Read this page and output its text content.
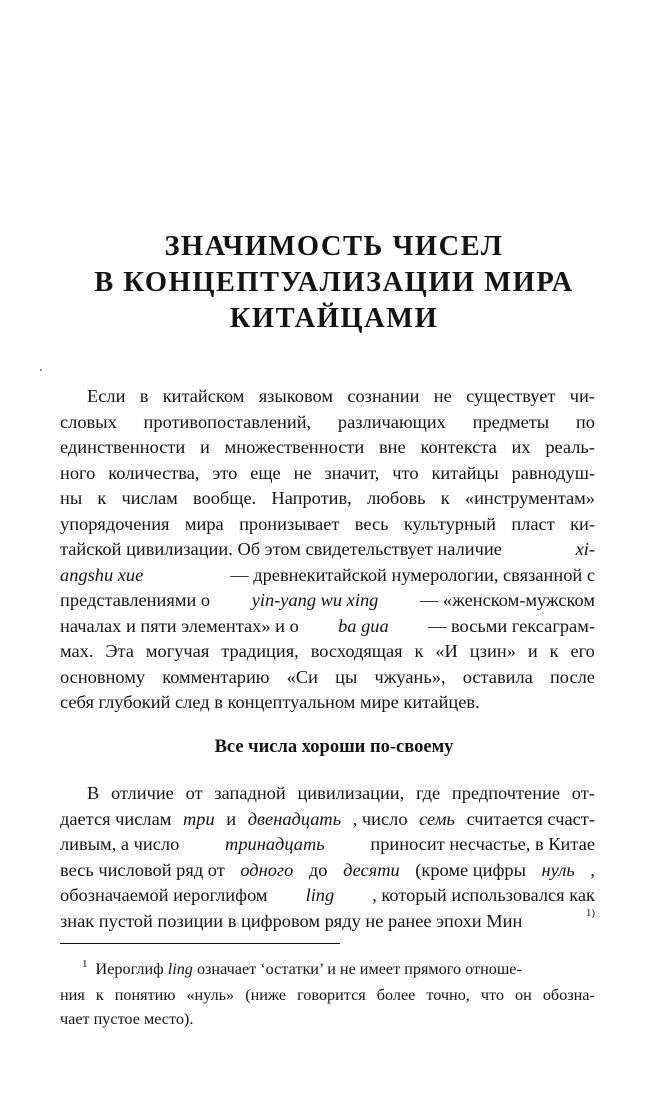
ЗНАЧИМОСТЬ ЧИСЕЛ
В КОНЦЕПТУАЛИЗАЦИИ МИРА
КИТАЙЦАМИ
Если в китайском языковом сознании не существует чи-
словых противопоставлений, различающих предметы по
единственности и множественности вне контекста их реаль-
ного количества, это еще не значит, что китайцы равнодуш-
ны к числам вообще. Напротив, любовь к «инструментам»
упорядочения мира пронизывает весь культурный пласт ки-
тайской цивилизации. Об этом свидетельствует наличие	xi-
angshu xue	— древнекитайской нумерологии, связанной с
представлениями о yin-yang wu xing — «женском-мужском
началах и пяти элементах» и о ba gua — восьми гексаграм-
мах. Эта могучая традиция, восходящая к «И цзин» и к его
основному комментарию «Си цы чжуань», оставила после
себя глубокий след в концептуальном мире китайцев.
Все числа хороши по-своему
В отличие от западной цивилизации, где предпочтение от-
дается числам три и двенадцать , число семь считается счаст-
ливым, а число тринадцать приносит несчастье, в Китае
весь числовой ряд от одного до десяти (кроме цифры нуль ,
обозначаемой иероглифом ling , который использовался как
знак пустой позиции в цифровом ряду не ранее эпохи Мин	1)
$^1$ Иероглиф ling означает ‘остатки’ и не имеет прямого отноше-
ния к понятию «нуль» (ниже говорится более точно, что он обозна-
чает пустое место).
